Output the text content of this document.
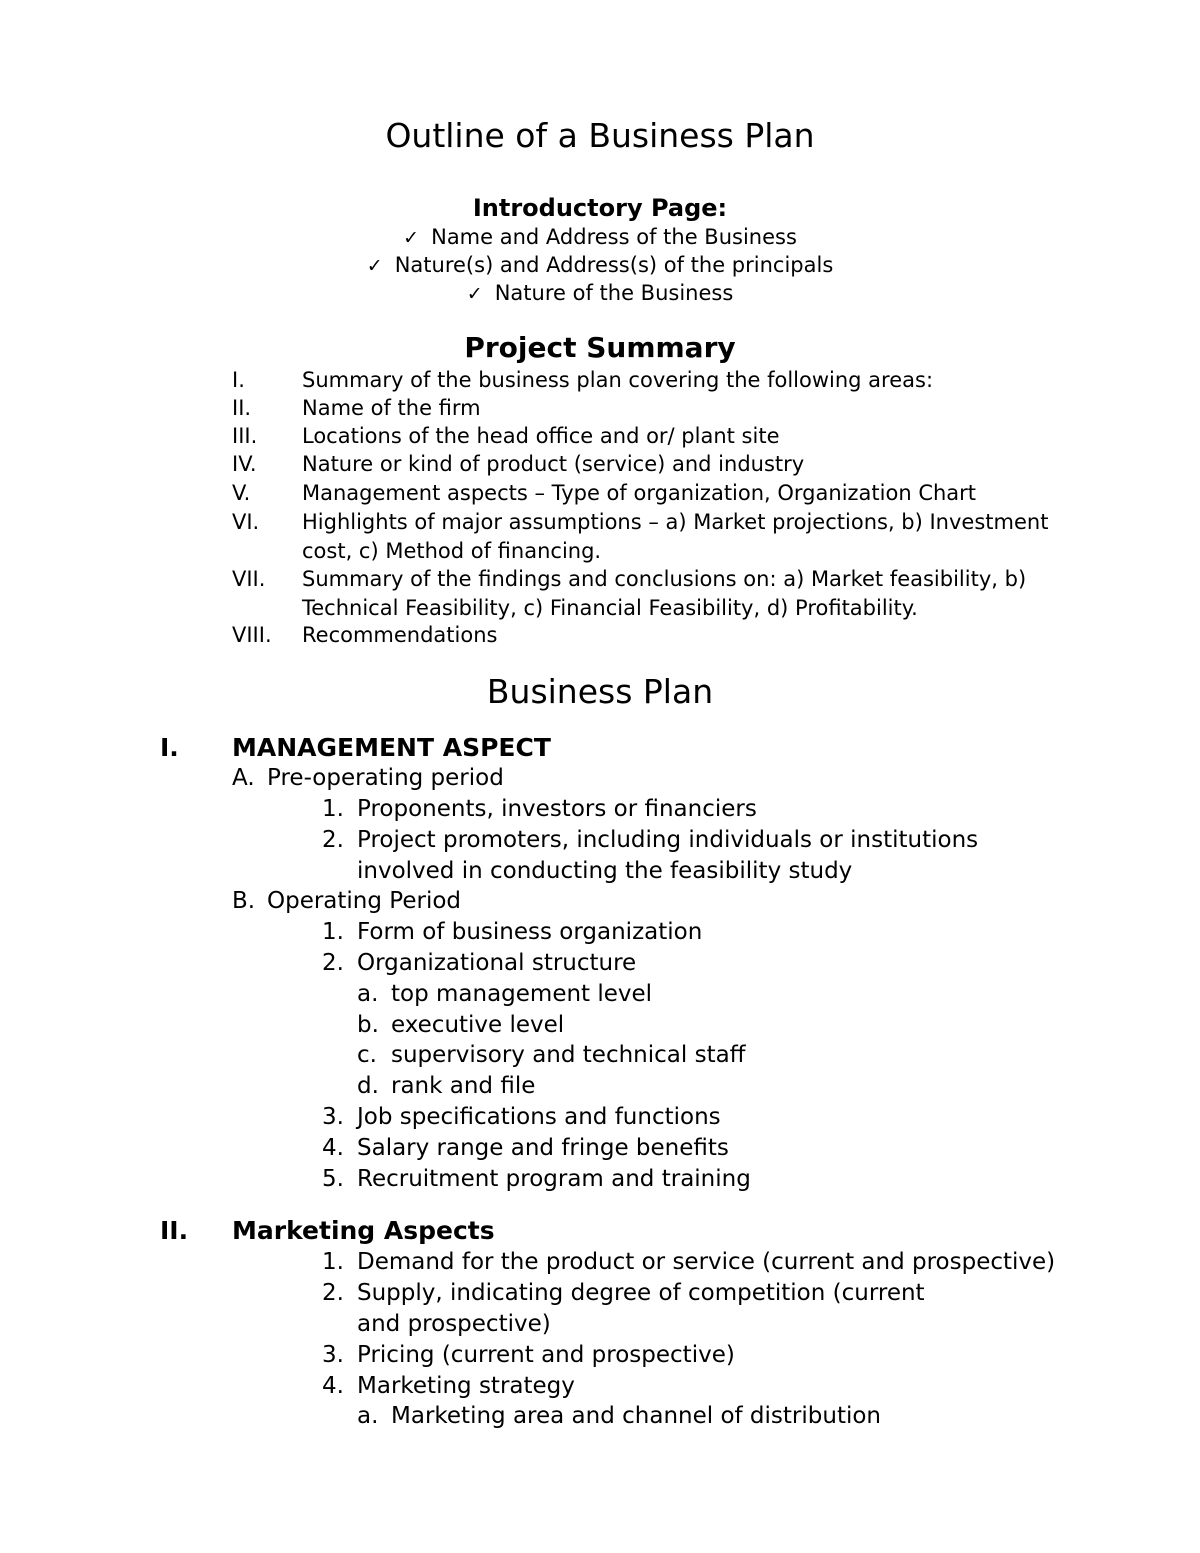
Outline of a Business Plan
Introductory Page:
✓ Name and Address of the Business
✓ Nature(s) and Address(s) of the principals
✓ Nature of the Business
Project Summary
I.	Summary of the business plan covering the following areas:
II. Name of the firm
III. Locations of the head office and or/ plant site
IV. Nature or kind of product (service) and industry
V. Management aspects – Type of organization, Organization Chart
VI. Highlights of major assumptions – a) Market projections, b) Investment cost, c) Method of financing.
VII. Summary of the findings and conclusions on: a) Market feasibility, b) Technical Feasibility, c) Financial Feasibility, d) Profitability.
VIII. Recommendations
Business Plan
I. MANAGEMENT ASPECT
A. Pre-operating period
1. Proponents, investors or financiers
2. Project promoters, including individuals or institutions involved in conducting the feasibility study
B. Operating Period
1. Form of business organization
2. Organizational structure
a. top management level
b. executive level
c. supervisory and technical staff
d. rank and file
3. Job specifications and functions
4. Salary range and fringe benefits
5. Recruitment program and training
II. Marketing Aspects
1. Demand for the product or service (current and prospective)
2. Supply, indicating degree of competition (current and prospective)
3. Pricing (current and prospective)
4. Marketing strategy
a. Marketing area and channel of distribution
